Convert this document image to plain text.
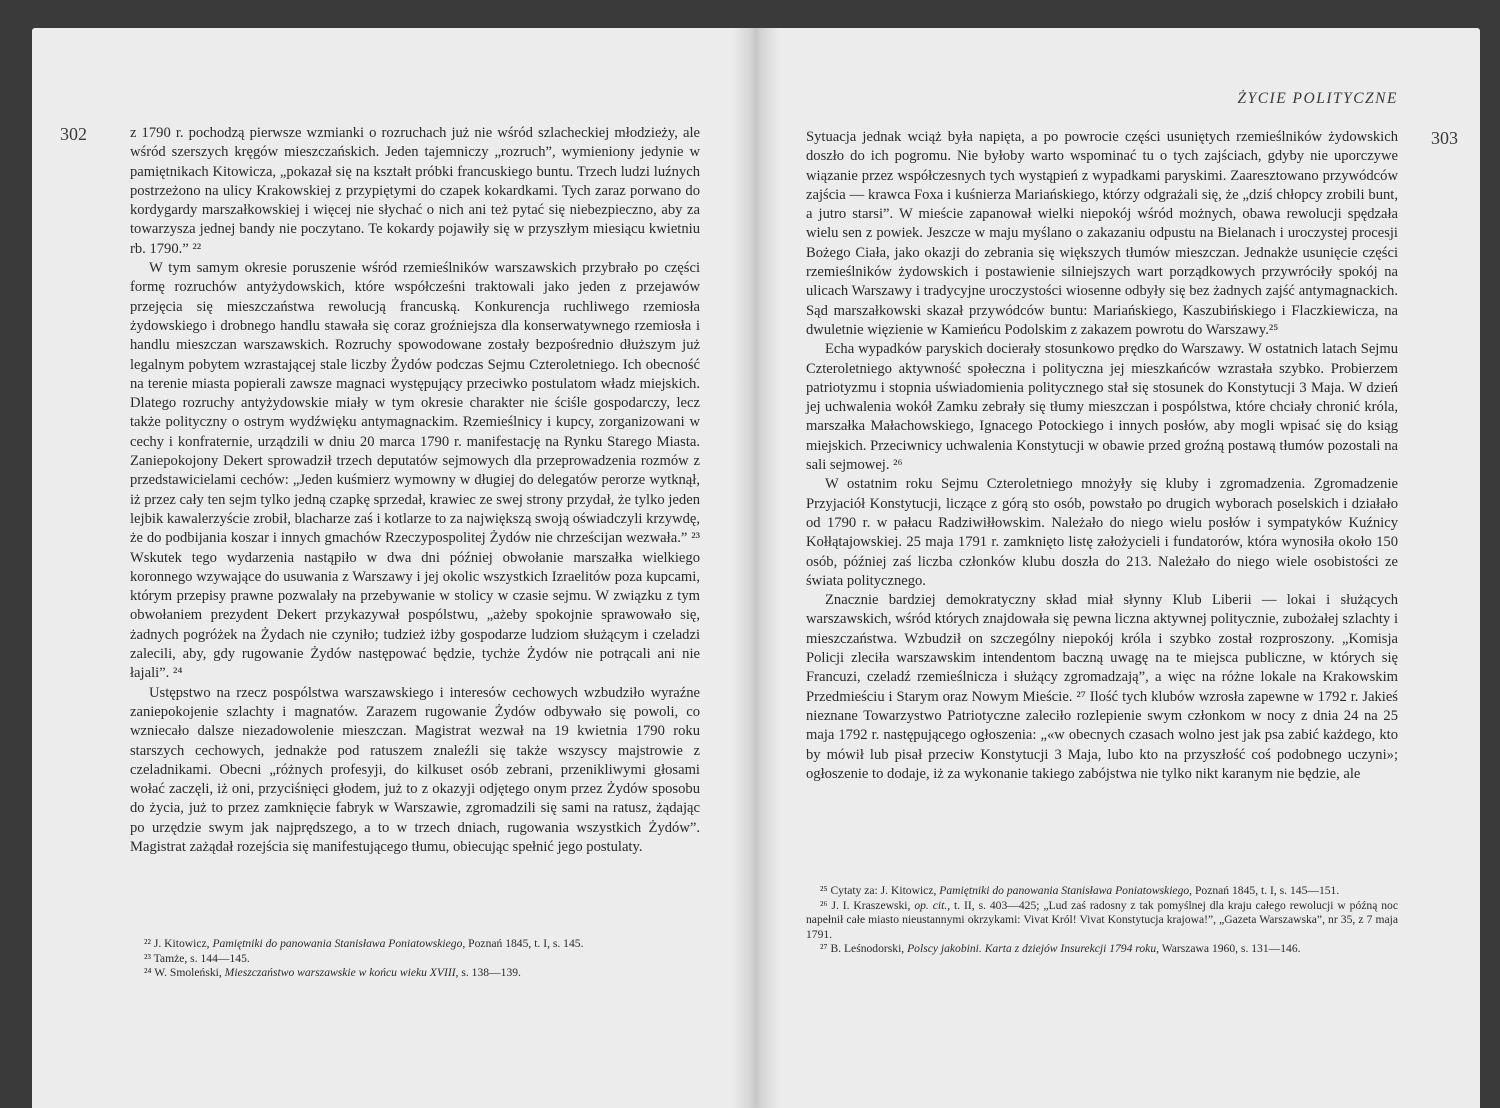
302	z 1790 r. pochodzą pierwsze wzmianki o rozruchach już nie wśród szlacheckiej młodzieży, ale wśród szerszych kręgów mieszczańskich. Jeden tajemniczy „rozruch”, wymieniony jedynie w pamiętnikach Kitowicza, „pokazał się na kształt próbki francuskiego buntu. Trzech ludzi luźnych postrzeżono na ulicy Krakowskiej z przypiętymi do czapek kokardkami. Tych zaraz porwano do kordygardy marszałkowskiej i więcej nie słychać o nich ani też pytać się niebezpieczno, aby za towarzysza jednej bandy nie poczytano. Te kokardy pojawiły się w przyszłym miesiącu kwietniu rb. 1790.” ²²

W tym samym okresie poruszenie wśród rzemieślników warszawskich przybrało po części formę rozruchów antyżydowskich, które współcześni traktowali jako jeden z przejawów przejęcia się mieszczaństwa rewolucją francuską. Konkurencja ruchliwego rzemiosła żydowskiego i drobnego handlu stawała się coraz groźniejsza dla konserwatywnego rzemiosła i handlu mieszczan warszawskich. Rozruchy spowodowane zostały bezpośrednio dłuższym już legalnym pobytem wzrastającej stale liczby Żydów podczas Sejmu Czteroletniego. Ich obecność na terenie miasta popierali zawsze magnaci występujący przeciwko postulatom władz miejskich. Dlatego rozruchy antyżydowskie miały w tym okresie charakter nie ściśle gospodarczy, lecz także polityczny o ostrym wydźwięku antymagnackim. Rzemieślnicy i kupcy, zorganizowani w cechy i konfraternie, urządzili w dniu 20 marca 1790 r. manifestację na Rynku Starego Miasta. Zaniepokojony Dekert sprowadził trzech deputatów sejmowych dla przeprowadzenia rozmów z przedstawicielami cechów: „Jeden kuśmierz wymowny w długiej do delegatów perorze wytknął, iż przez cały ten sejm tylko jedną czapkę sprzedał, krawiec ze swej strony przydał, że tylko jeden lejbik kawalerzyście zrobił, blacharze zaś i kotlarze to za największą swoją oświadczyli krzywdę, że do podbijania koszar i innych gmachów Rzeczypospolitej Żydów nie chrześcijan wezwała.” ²³ Wskutek tego wydarzenia nastąpiło w dwa dni później obwołanie marszałka wielkiego koronnego wzywające do usuwania z Warszawy i jej okolic wszystkich Izraelitów poza kupcami, którym przepisy prawne pozwalały na przebywanie w stolicy w czasie sejmu. W związku z tym obwołaniem prezydent Dekert przykazywał pospólstwu, „ażeby spokojnie sprawowało się, żadnych pogróżek na Żydach nie czyniło; tudzież iżby gospodarze ludziom służącym i czeladzi zalecili, aby, gdy rugowanie Żydów następować będzie, tychże Żydów nie potrącali ani nie łajali”. ²⁴

Ustępstwo na rzecz pospólstwa warszawskiego i interesów cechowych wzbudziło wyraźne zaniepokojenie szlachty i magnatów. Zarazem rugowanie Żydów odbywało się powoli, co wzniecało dalsze niezadowolenie mieszczan. Magistrat wezwał na 19 kwietnia 1790 roku starszych cechowych, jednakże pod ratuszem znaleźli się także wszyscy majstrowie z czeladnikami. Obecni „różnych profesyji, do kilkuset osób zebrani, przenikliwymi głosami wołać zaczęli, iż oni, przyciśnięci głodem, już to z okazyji odjętego onym przez Żydów sposobu do życia, już to przez zamknięcie fabryk w Warszawie, zgromadzili się sami na ratusz, żądając po urzędzie swym jak najprędszego, a to w trzech dniach, rugowania wszystkich Żydów”. Magistrat zażądał rozejścia się manifestującego tłumu, obiecując spełnić jego postulaty.

²² J. Kitowicz, Pamiętniki do panowania Stanisława Poniatowskiego, Poznań 1845, t. I, s. 145.

²³ Tamże, s. 144—145.

²⁴ W. Smoleński, Mieszczaństwo warszawskie w końcu wieku XVIII, s. 138—139.

ŻYCIE POLITYCZNE
303

Sytuacja jednak wciąż była napięta, a po powrocie części usuniętych rzemieślników żydowskich doszło do ich pogromu. Nie byłoby warto wspominać tu o tych zajściach, gdyby nie uporczywe wiązanie przez współczesnych tych wystąpień z wypadkami paryskimi. Zaaresztowano przywódców zajścia — krawca Foxa i kuśnierza Mariańskiego, którzy odgrażali się, że „dziś chłopcy zrobili bunt, a jutro starsi”. W mieście zapanował wielki niepokój wśród możnych, obawa rewolucji spędzała wielu sen z powiek. Jeszcze w maju myślano o zakazaniu odpustu na Bielanach i uroczystej procesji Bożego Ciała, jako okazji do zebrania się większych tłumów mieszczan. Jednakże usunięcie części rzemieślników żydowskich i postawienie silniejszych wart porządkowych przywróciły spokój na ulicach Warszawy i tradycyjne uroczystości wiosenne odbyły się bez żadnych zajść antymagnackich. Sąd marszałkowski skazał przywódców buntu: Mariańskiego, Kaszubińskiego i Flaczkiewicza, na dwuletnie więzienie w Kamieńcu Podolskim z zakazem powrotu do Warszawy.²⁵

Echa wypadków paryskich docierały stosunkowo prędko do Warszawy. W ostatnich latach Sejmu Czteroletniego aktywność społeczna i polityczna jej mieszkańców wzrastała szybko. Probierzem patriotyzmu i stopnia uświadomienia politycznego stał się stosunek do Konstytucji 3 Maja. W dzień jej uchwalenia wokół Zamku zebrały się tłumy mieszczan i pospólstwa, które chciały chronić króla, marszałka Małachowskiego, Ignacego Potockiego i innych posłów, aby mogli wpisać się do ksiąg miejskich. Przeciwnicy uchwalenia Konstytucji w obawie przed groźną postawą tłumów pozostali na sali sejmowej. ²⁶

W ostatnim roku Sejmu Czteroletniego mnożyły się kluby i zgromadzenia. Zgromadzenie Przyjaciół Konstytucji, liczące z górą sto osób, powstało po drugich wyborach poselskich i działało od 1790 r. w pałacu Radziwiłłowskim. Należało do niego wielu posłów i sympatyków Kuźnicy Kołłątajowskiej. 25 maja 1791 r. zamknięto listę założycieli i fundatorów, która wynosiła około 150 osób, później zaś liczba członków klubu doszła do 213. Należało do niego wiele osobistości ze świata politycznego.

Znacznie bardziej demokratyczny skład miał słynny Klub Liberii — lokai i służących warszawskich, wśród których znajdowała się pewna liczna aktywnej politycznie, zubożałej szlachty i mieszczaństwa. Wzbudził on szczególny niepokój króla i szybko został rozproszony. „Komisja Policji zleciła warszawskim intendentom baczną uwagę na te miejsca publiczne, w których się Francuzi, czeladź rzemieślnicza i służący zgromadzają”, a więc na różne lokale na Krakowskim Przedmieściu i Starym oraz Nowym Mieście. ²⁷ Ilość tych klubów wzrosła zapewne w 1792 r. Jakieś nieznane Towarzystwo Patriotyczne zaleciło rozlepienie swym członkom w nocy z dnia 24 na 25 maja 1792 r. następującego ogłoszenia: „«w obecnych czasach wolno jest jak psa zabić każdego, kto by mówił lub pisał przeciw Konstytucji 3 Maja, lubo kto na przyszłość coś podobnego uczyni»; ogłoszenie to dodaje, iż za wykonanie takiego zabójstwa nie tylko nikt karanym nie będzie, ale

²⁵ Cytaty za: J. Kitowicz, Pamiętniki do panowania Stanisława Poniatowskiego, Poznań 1845, t. I, s. 145—151.

²⁶ J. I. Kraszewski, op. cit., t. II, s. 403—425; „Lud zaś radosny z tak pomyślnej dla kraju całego rewolucji w późną noc napełnił całe miasto nieustannymi okrzykami: Vivat Król! Vivat Konstytucja krajowa!”, „Gazeta Warszawska”, nr 35, z 7 maja 1791.

²⁷ B. Leśnodorski, Polscy jakobini. Karta z dziejów Insurekcji 1794 roku, Warszawa 1960, s. 131—146.
